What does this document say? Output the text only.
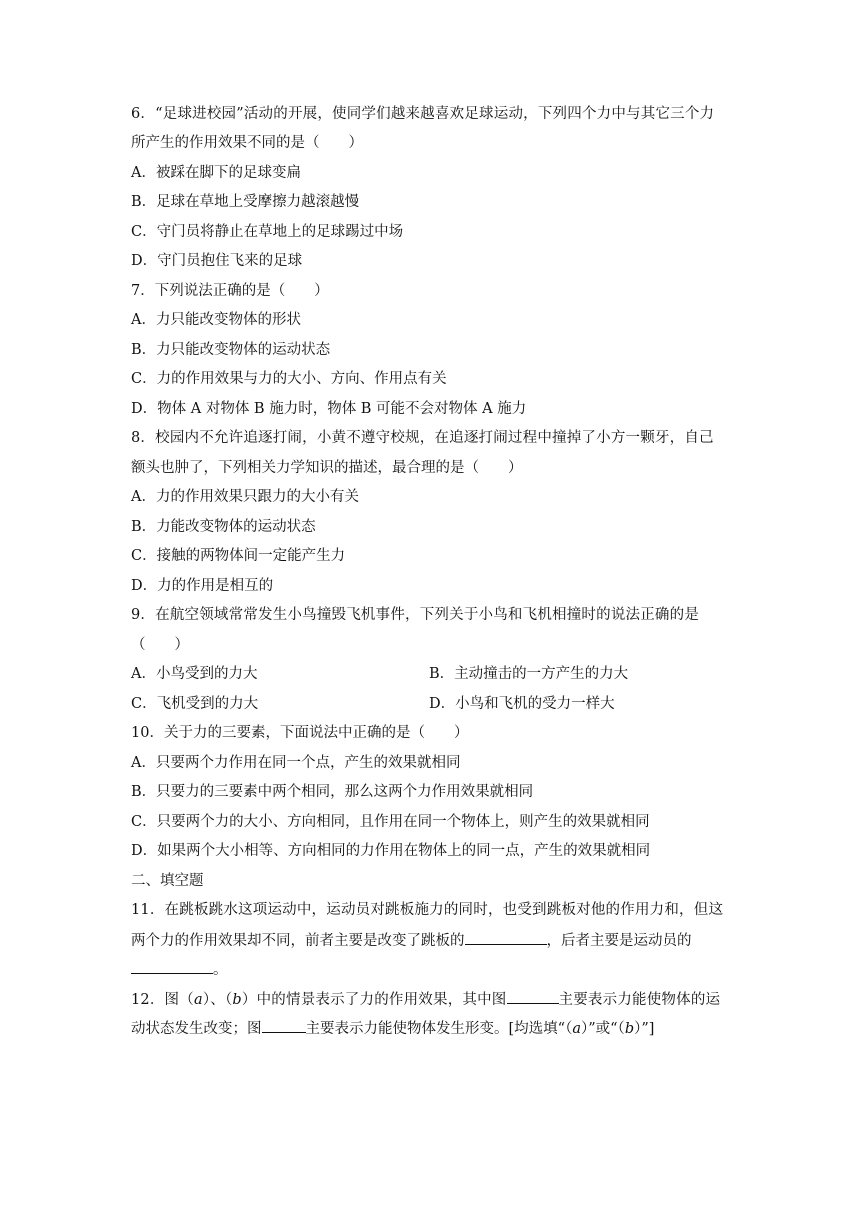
6．“足球进校园”活动的开展，使同学们越来越喜欢足球运动，下列四个力中与其它三个力
所产生的作用效果不同的是（　　）
A．被踩在脚下的足球变扁
B．足球在草地上受摩擦力越滚越慢
C．守门员将静止在草地上的足球踢过中场
D．守门员抱住飞来的足球
7．下列说法正确的是（　　）
A．力只能改变物体的形状
B．力只能改变物体的运动状态
C．力的作用效果与力的大小、方向、作用点有关
D．物体 A 对物体 B 施力时，物体 B 可能不会对物体 A 施力
8．校园内不允许追逐打闹，小黄不遵守校规，在追逐打闹过程中撞掉了小方一颗牙，自己
额头也肿了，下列相关力学知识的描述，最合理的是（　　）
A．力的作用效果只跟力的大小有关
B．力能改变物体的运动状态
C．接触的两物体间一定能产生力
D．力的作用是相互的
9．在航空领域常常发生小鸟撞毁飞机事件，下列关于小鸟和飞机相撞时的说法正确的是
（　　）
A．小鸟受到的力大	B．主动撞击的一方产生的力大
C．飞机受到的力大	D．小鸟和飞机的受力一样大
10．关于力的三要素，下面说法中正确的是（　　）
A．只要两个力作用在同一个点，产生的效果就相同
B．只要力的三要素中两个相同，那么这两个力作用效果就相同
C．只要两个力的大小、方向相同，且作用在同一个物体上，则产生的效果就相同
D．如果两个大小相等、方向相同的力作用在物体上的同一点，产生的效果就相同
二、填空题
11．在跳板跳水这项运动中，运动员对跳板施力的同时，也受到跳板对他的作用力和，但这
两个力的作用效果却不同，前者主要是改变了跳板的	，后者主要是运动员的
。
12．图（a）、（b）中的情景表示了力的作用效果，其中图	主要表示力能使物体的运
动状态发生改变；图	主要表示力能使物体发生形变。[均选填“（a）”或“（b）”]
